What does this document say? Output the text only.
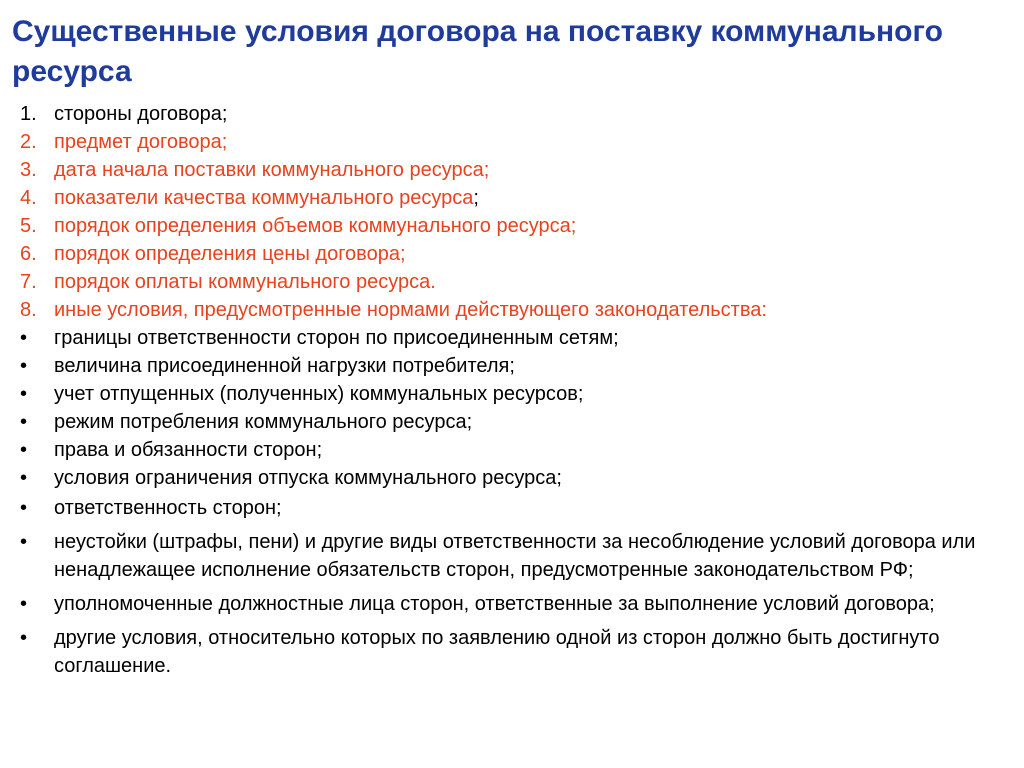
Существенные условия договора на поставку коммунального ресурса
1. стороны договора;
2. предмет договора;
3. дата начала поставки коммунального ресурса;
4. показатели качества коммунального ресурса;
5. порядок определения объемов коммунального ресурса;
6. порядок определения цены договора;
7. порядок оплаты коммунального ресурса.
8. иные условия, предусмотренные нормами действующего законодательства:
•	границы ответственности сторон по присоединенным сетям;
•	величина присоединенной нагрузки потребителя;
•	учет отпущенных (полученных) коммунальных ресурсов;
•	режим потребления коммунального ресурса;
•	права и обязанности сторон;
•	условия ограничения отпуска коммунального ресурса;
•	ответственность сторон;
•	неустойки (штрафы, пени) и другие виды ответственности за несоблюдение условий договора или ненадлежащее исполнение обязательств сторон, предусмотренные законодательством РФ;
•	уполномоченные должностные лица сторон, ответственные за выполнение условий договора;
•	другие условия, относительно которых по заявлению одной из сторон должно быть достигнуто соглашение.
